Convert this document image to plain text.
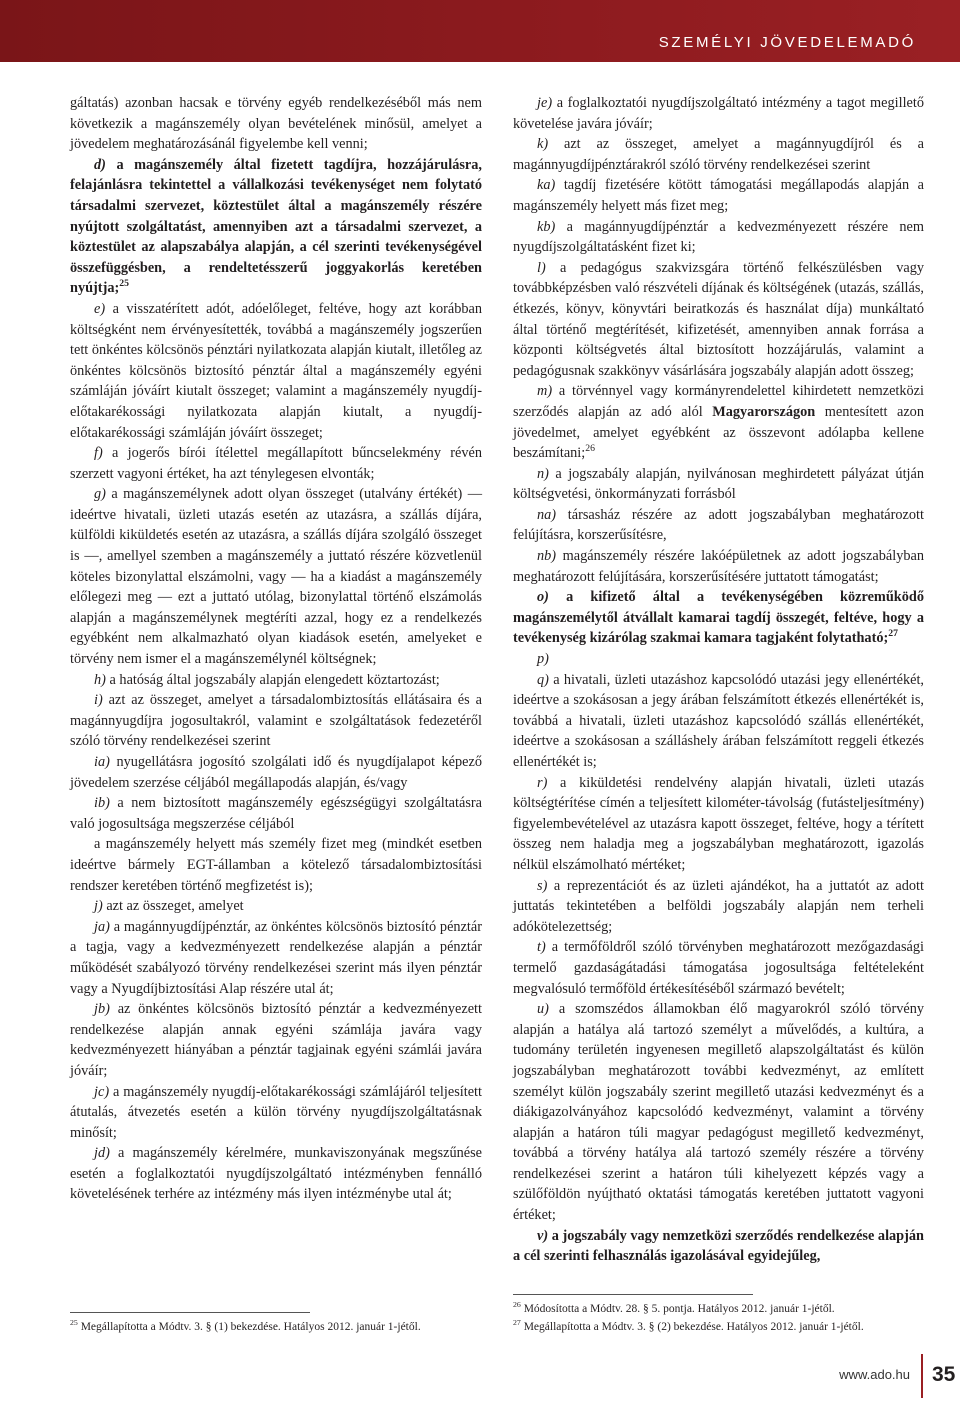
SZEMÉLYI JÖVEDELEMADÓ

gáltatás) azonban hacsak e törvény egyéb rendelkezéséből más nem következik a magánszemély olyan bevételének minősül, amelyet a jövedelem meghatározásánál figyelembe kell venni;

d) a magánszemély által fizetett tagdíjra, hozzájárulásra, felajánlásra tekintettel a vállalkozási tevékenységet nem folytató társadalmi szervezet, köztestület által a magánszemély részére nyújtott szolgáltatást, amennyiben azt a társadalmi szervezet, a köztestület az alapszabálya alapján, a cél szerinti tevékenységével összefüggésben, a rendeltetésszerű joggyakorlás keretében nyújtja;$^{25}$

e) a visszatérített adót, adóelőleget, feltéve, hogy azt korábban költségként nem érvényesítették, továbbá a magánszemély jogszerűen tett önkéntes kölcsönös pénztári nyilatkozata alapján kiutalt, illetőleg az önkéntes kölcsönös biztosító pénztár által a magánszemély egyéni számláján jóváírt kiutalt összeget; valamint a magánszemély nyugdíj-előtakarékossági nyilatkozata alapján kiutalt, a nyugdíj-előtakarékossági számláján jóváírt összeget;

f) a jogerős bírói ítélettel megállapított bűncselekmény révén szerzett vagyoni értéket, ha azt ténylegesen elvonták;

g) a magánszemélynek adott olyan összeget (utalvány értékét) — ideértve hivatali, üzleti utazás esetén az utazásra, a szállás díjára, külföldi kiküldetés esetén az utazásra, a szállás díjára szolgáló összeget is —, amellyel szemben a magánszemély a juttató részére közvetlenül köteles bizonylattal elszámolni, vagy — ha a kiadást a magánszemély előlegezi meg — ezt a juttató utólag, bizonylattal történő elszámolás alapján a magánszemélynek megtéríti azzal, hogy ez a rendelkezés egyébként nem alkalmazható olyan kiadások esetén, amelyeket e törvény nem ismer el a magánszemélynél költségnek;

h) a hatóság által jogszabály alapján elengedett köztartozást;

i) azt az összeget, amelyet a társadalombiztosítás ellátásaira és a magánnyugdíjra jogosultakról, valamint e szolgáltatások fedezetéről szóló törvény rendelkezései szerint

ia) nyugellátásra jogosító szolgálati idő és nyugdíjalapot képező jövedelem szerzése céljából megállapodás alapján, és/vagy

ib) a nem biztosított magánszemély egészségügyi szolgáltatásra való jogosultsága megszerzése céljából

a magánszemély helyett más személy fizet meg (mindkét esetben ideértve bármely EGT-államban a kötelező társadalombiztosítási rendszer keretében történő megfizetést is);

j) azt az összeget, amelyet

ja) a magánnyugdíjpénztár, az önkéntes kölcsönös biztosító pénztár a tagja, vagy a kedvezményezett rendelkezése alapján a pénztár működését szabályozó törvény rendelkezései szerint más ilyen pénztár vagy a Nyugdíjbiztosítási Alap részére utal át;

jb) az önkéntes kölcsönös biztosító pénztár a kedvezményezett rendelkezése alapján annak egyéni számlája javára vagy kedvezményezett hiányában a pénztár tagjainak egyéni számlái javára jóváír;

jc) a magánszemély nyugdíj-előtakarékossági számlájáról teljesített átutalás, átvezetés esetén a külön törvény nyugdíjszolgáltatásnak minősít;

jd) a magánszemély kérelmére, munkaviszonyának megszűnése esetén a foglalkoztatói nyugdíjszolgáltató intézményben fennálló követelésének terhére az intézmény más ilyen intézménybe utal át;

$^{25}$ Megállapította a Módtv. 3. § (1) bekezdése. Hatályos 2012. január 1-jétől.

je) a foglalkoztatói nyugdíjszolgáltató intézmény a tagot megillető követelése javára jóváír;

k) azt az összeget, amelyet a magánnyugdíjról és a magánnyugdíjpénztárakról szóló törvény rendelkezései szerint

ka) tagdíj fizetésére kötött támogatási megállapodás alapján a magánszemély helyett más fizet meg;

kb) a magánnyugdíjpénztár a kedvezményezett részére nem nyugdíjszolgáltatásként fizet ki;

l) a pedagógus szakvizsgára történő felkészülésben vagy továbbképzésben való részvételi díjának és költségének (utazás, szállás, étkezés, könyv, könyvtári beiratkozás és használat díja) munkáltató által történő megtérítését, kifizetését, amennyiben annak forrása a központi költségvetés által biztosított hozzájárulás, valamint a pedagógusnak szakkönyv vásárlására jogszabály alapján adott összeg;

m) a törvénnyel vagy kormányrendelettel kihirdetett nemzetközi szerződés alapján az adó alól Magyarországon mentesített azon jövedelmet, amelyet egyébként az összevont adólapba kellene beszámítani;$^{26}$

n) a jogszabály alapján, nyilvánosan meghirdetett pályázat útján költségvetési, önkormányzati forrásból

na) társasház részére az adott jogszabályban meghatározott felújításra, korszerűsítésre,

nb) magánszemély részére lakóépületnek az adott jogszabályban meghatározott felújítására, korszerűsítésére juttatott támogatást;

o) a kifizető által a tevékenységében közreműködő magánszemélytől átvállalt kamarai tagdíj összegét, feltéve, hogy a tevékenység kizárólag szakmai kamara tagjaként folytatható;$^{27}$

p)

q) a hivatali, üzleti utazáshoz kapcsolódó utazási jegy ellenértékét, ideértve a szokásosan a jegy árában felszámított étkezés ellenértékét is, továbbá a hivatali, üzleti utazáshoz kapcsolódó szállás ellenértékét, ideértve a szokásosan a szálláshely árában felszámított reggeli étkezés ellenértékét is;

r) a kiküldetési rendelvény alapján hivatali, üzleti utazás költségtérítése címén a teljesített kilométer-távolság (futásteljesítmény) figyelembevételével az utazásra kapott összeget, feltéve, hogy a térített összeg nem haladja meg a jogszabályban meghatározott, igazolás nélkül elszámolható mértéket;

s) a reprezentációt és az üzleti ajándékot, ha a juttatót az adott juttatás tekintetében a belföldi jogszabály alapján nem terheli adókötelezettség;

t) a termőföldről szóló törvényben meghatározott mezőgazdasági termelő gazdaságátadási támogatása jogosultsága feltételeként megvalósuló termőföld értékesítéséből származó bevételt;

u) a szomszédos államokban élő magyarokról szóló törvény alapján a hatálya alá tartozó személyt a művelődés, a kultúra, a tudomány területén ingyenesen megillető alapszolgáltatást és külön jogszabályban meghatározott további kedvezményt, az említett személyt külön jogszabály szerint megillető utazási kedvezményt és a diákigazolványához kapcsolódó kedvezményt, valamint a törvény alapján a határon túli magyar pedagógust megillető kedvezményt, továbbá a törvény hatálya alá tartozó személy részére a törvény rendelkezései szerint a határon túli kihelyezett képzés vagy a szülőföldön nyújtható oktatási támogatás keretében juttatott vagyoni értéket;

v) a jogszabály vagy nemzetközi szerződés rendelkezése alapján a cél szerinti felhasználás igazolásával egyidejűleg,

$^{26}$ Módosította a Módtv. 28. § 5. pontja. Hatályos 2012. január 1-jétől.

$^{27}$ Megállapította a Módtv. 3. § (2) bekezdése. Hatályos 2012. január 1-jétől.

www.ado.hu 35
